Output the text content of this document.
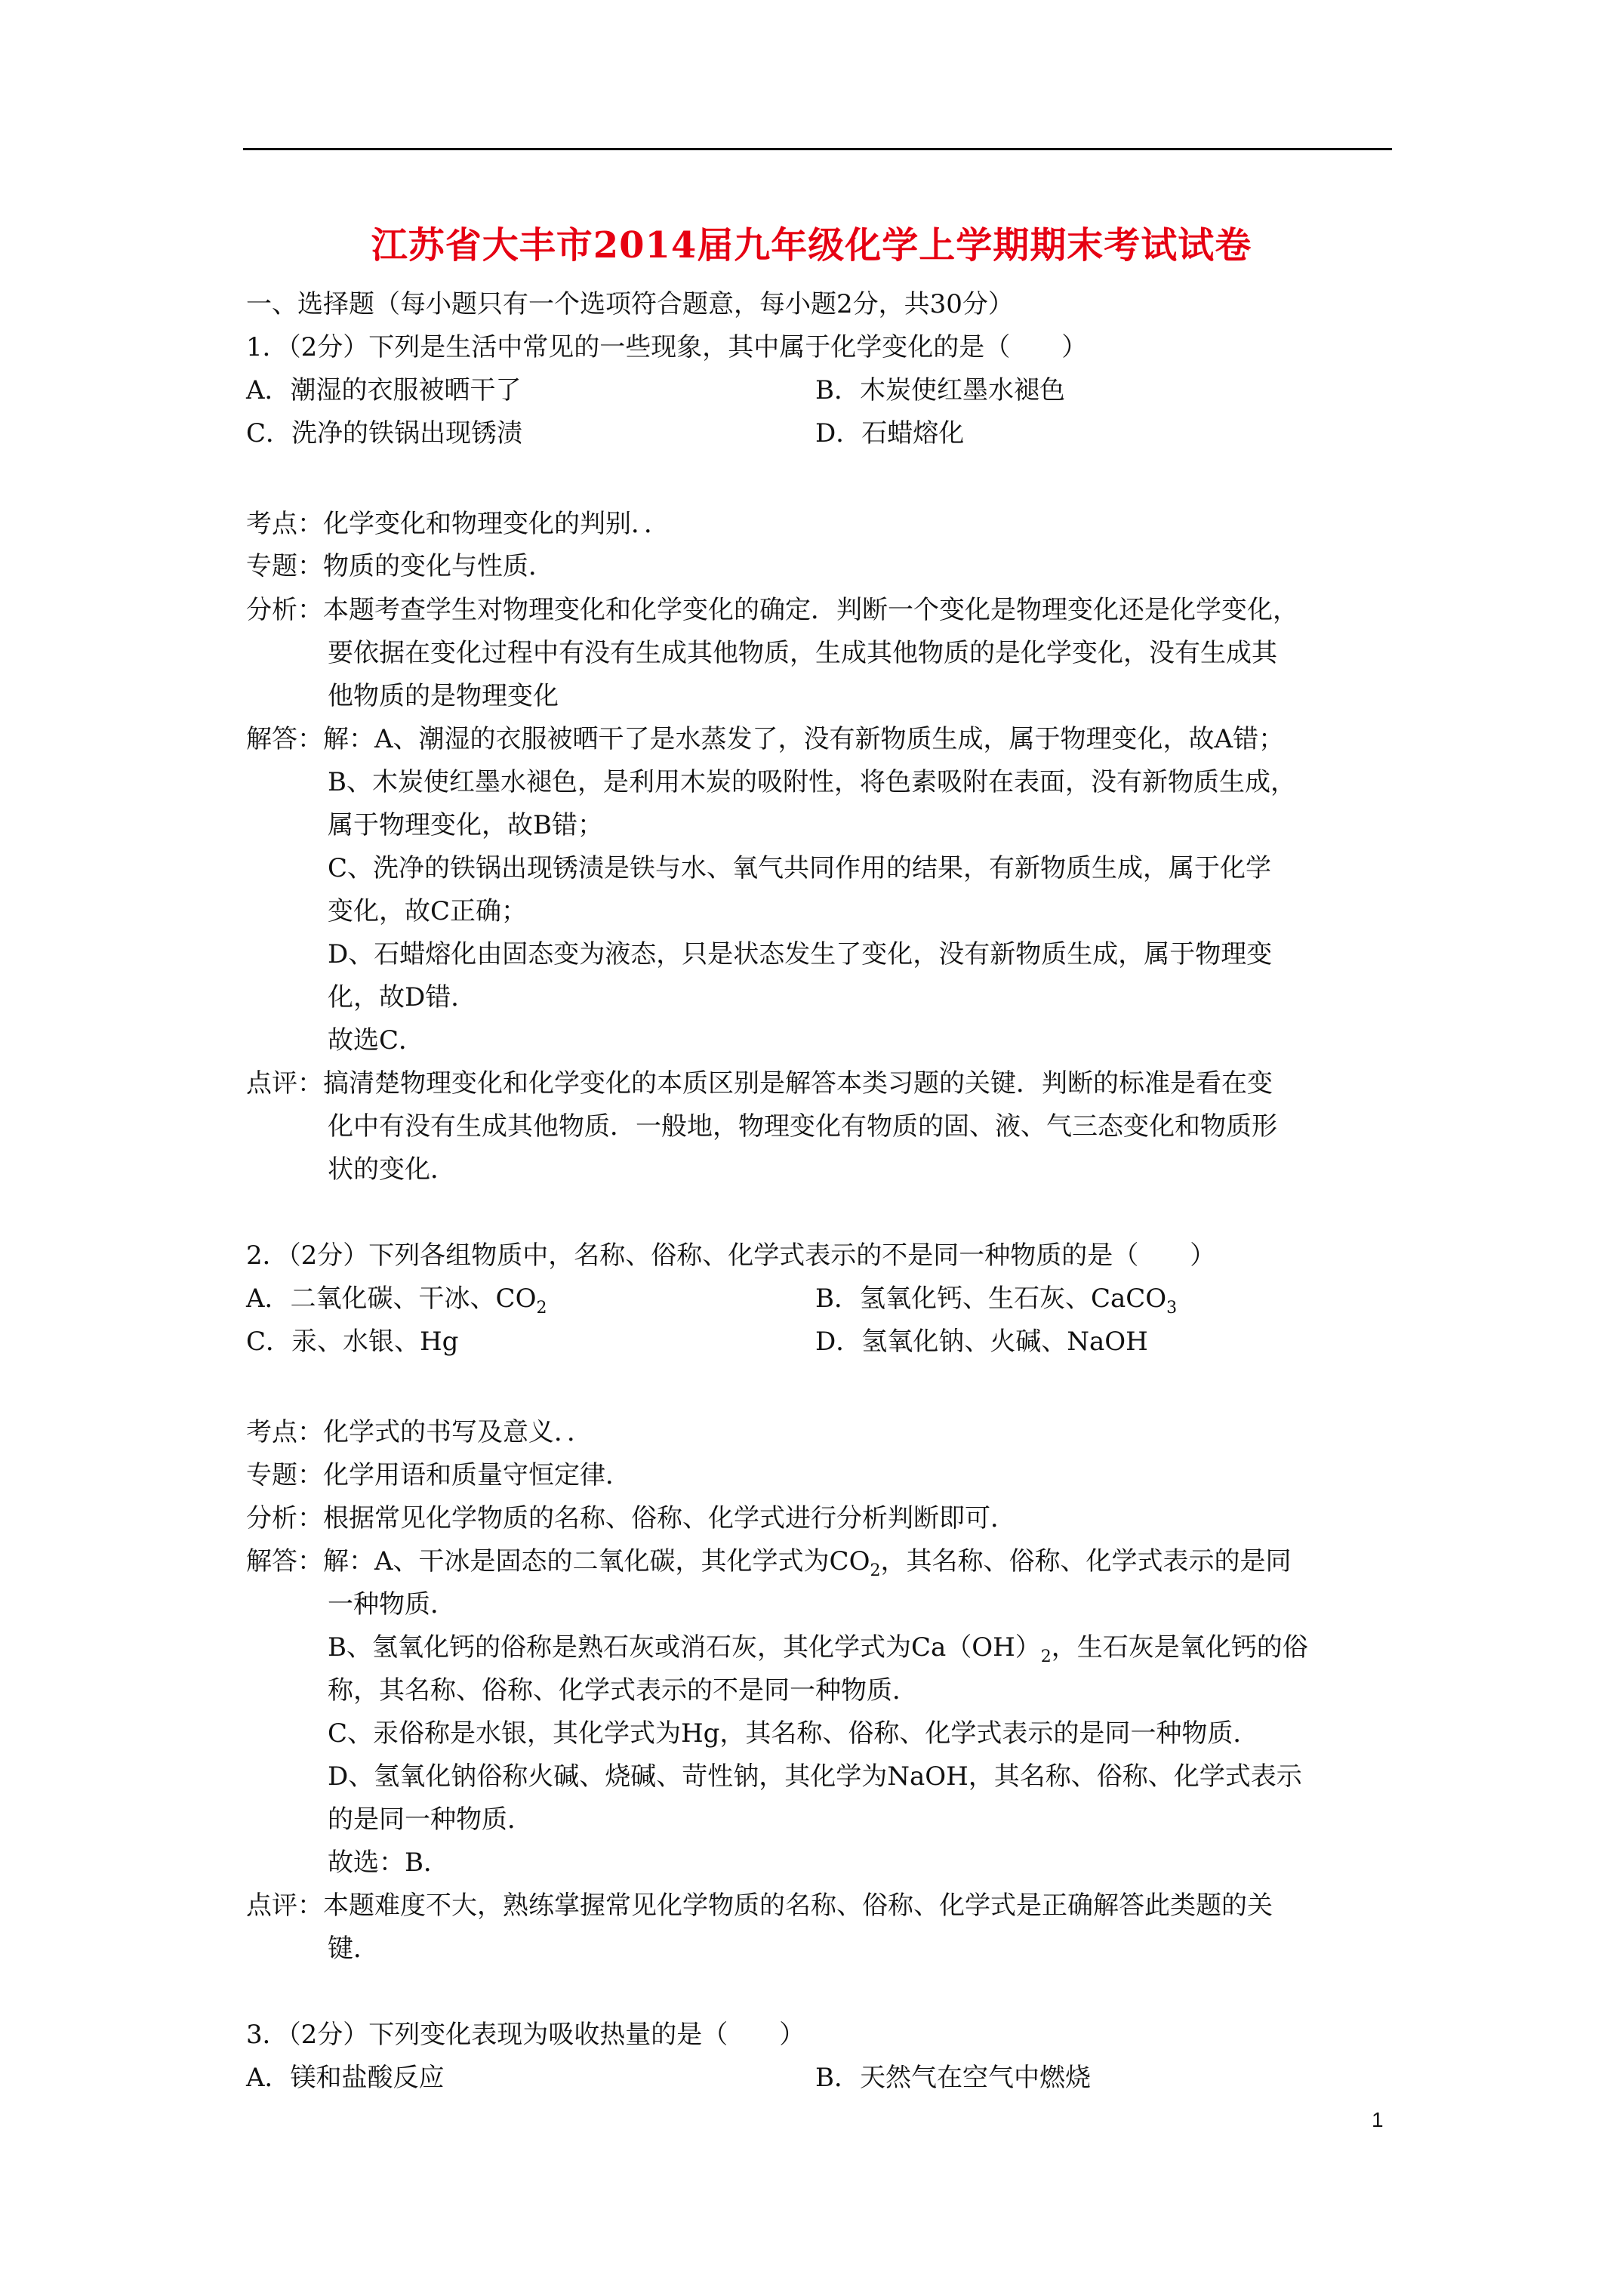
江苏省大丰市2014届九年级化学上学期期末考试试卷
一、选择题（每小题只有一个选项符合题意，每小题2分，共30分）
1．（2分）下列是生活中常见的一些现象，其中属于化学变化的是（　　）
A．潮湿的衣服被晒干了	B．木炭使红墨水褪色
C．洗净的铁锅出现锈渍	D．石蜡熔化
考点：化学变化和物理变化的判别．．
专题：物质的变化与性质．
分析：本题考查学生对物理变化和化学变化的确定．判断一个变化是物理变化还是化学变化，
要依据在变化过程中有没有生成其他物质，生成其他物质的是化学变化，没有生成其
他物质的是物理变化
解答：解：A、潮湿的衣服被晒干了是水蒸发了，没有新物质生成，属于物理变化，故A错；
B、木炭使红墨水褪色，是利用木炭的吸附性，将色素吸附在表面，没有新物质生成，
属于物理变化，故B错；
C、洗净的铁锅出现锈渍是铁与水、氧气共同作用的结果，有新物质生成，属于化学
变化，故C正确；
D、石蜡熔化由固态变为液态，只是状态发生了变化，没有新物质生成，属于物理变
化，故D错．
故选C．
点评：搞清楚物理变化和化学变化的本质区别是解答本类习题的关键．判断的标准是看在变
化中有没有生成其他物质．一般地，物理变化有物质的固、液、气三态变化和物质形
状的变化．
2．（2分）下列各组物质中，名称、俗称、化学式表示的不是同一种物质的是（　　）
A．二氧化碳、干冰、$CO_2$	B．氢氧化钙、生石灰、CaCO$_3$
C．汞、水银、Hg	D．氢氧化钠、火碱、NaOH
考点：化学式的书写及意义．．
专题：化学用语和质量守恒定律．
分析：根据常见化学物质的名称、俗称、化学式进行分析判断即可．
解答：解：A、干冰是固态的二氧化碳，其化学式为$CO_2$，其名称、俗称、化学式表示的是同
一种物质．
B、氢氧化钙的俗称是熟石灰或消石灰，其化学式为$Ca(OH)_2$，生石灰是氧化钙的俗
称，其名称、俗称、化学式表示的不是同一种物质．
C、汞俗称是水银，其化学式为Hg，其名称、俗称、化学式表示的是同一种物质．
D、氢氧化钠俗称火碱、烧碱、苛性钠，其化学为NaOH，其名称、俗称、化学式表示
的是同一种物质．
故选：B．
点评：本题难度不大，熟练掌握常见化学物质的名称、俗称、化学式是正确解答此类题的关
键．
3．（2分）下列变化表现为吸收热量的是（　　）
A．镁和盐酸反应	B．天然气在空气中燃烧
1
